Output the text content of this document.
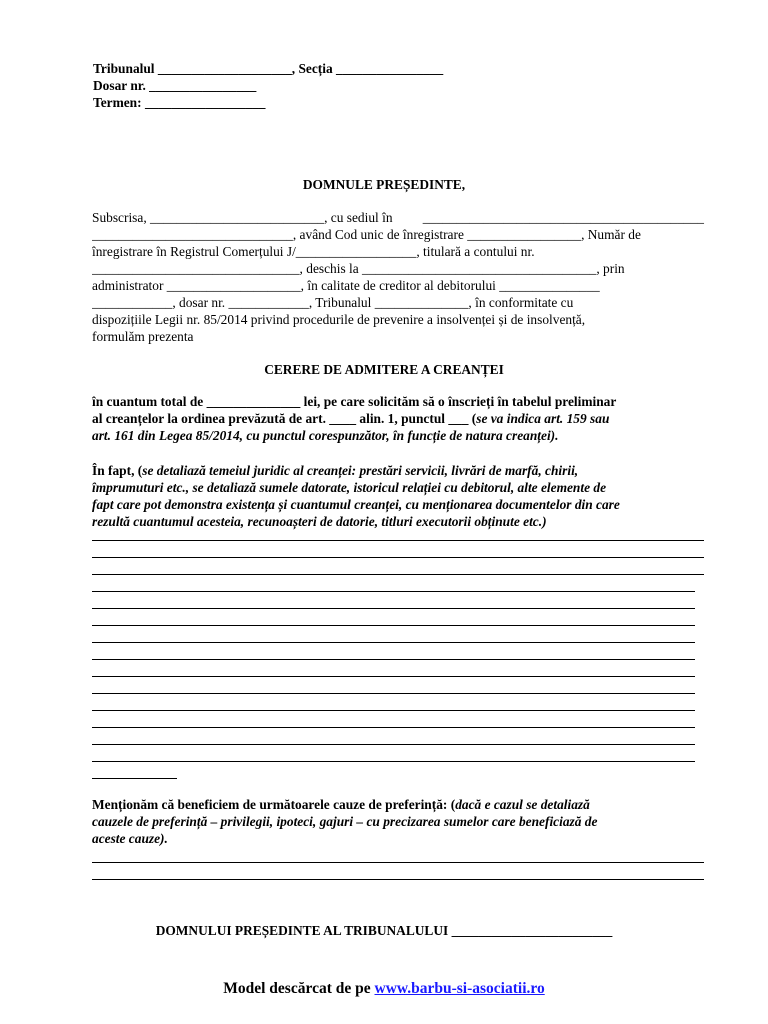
Tribunalul ____________________, Secția ________________
Dosar nr. ________________
Termen: __________________
DOMNULE PREȘEDINTE,
Subscrisa, __________________________, cu sediul în __________________________________________
______________________________, având Cod unic de înregistrare _________________, Număr de
înregistrare în Registrul Comerțului J/__________________, titulară a contului nr.
_______________________________, deschis la ___________________________________, prin
administrator ____________________, în calitate de creditor al debitorului _______________
____________, dosar nr. ____________, Tribunalul ______________, în conformitate cu
dispozițiile Legii nr. 85/2014 privind procedurile de prevenire a insolvenței și de insolvență,
formulăm prezenta
CERERE DE ADMITERE A CREANȚEI
în cuantum total de ______________ lei, pe care solicităm să o înscrieți în tabelul preliminar
al creanțelor la ordinea prevăzută de art. ____ alin. 1, punctul ___ (se va indica art. 159 sau
art. 161 din Legea 85/2014, cu punctul corespunzător, în funcție de natura creanței).
În fapt, (se detaliază temeiul juridic al creanței: prestări servicii, livrări de marfă, chirii,
împrumuturi etc., se detaliază sumele datorate, istoricul relației cu debitorul, alte elemente de
fapt care pot demonstra existența și cuantumul creanței, cu menționarea documentelor din care
rezultă cuantumul acesteia, recunoașteri de datorie, titluri executorii obținute etc.)
Menționăm că beneficiem de următoarele cauze de preferință: (dacă e cazul se detaliază
cauzele de preferință – privilegii, ipoteci, gajuri – cu precizarea sumelor care beneficiază de
aceste cauze).
DOMNULUI PREȘEDINTE AL TRIBUNALULUI ________________________
Model descărcat de pe www.barbu-si-asociatii.ro
